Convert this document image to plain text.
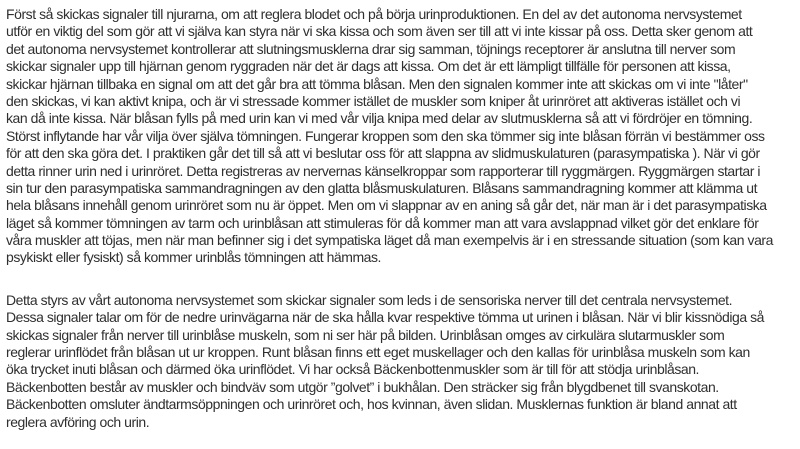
Först så skickas signaler till njurarna, om att reglera blodet och på börja urinproduktionen. En del av det autonoma nervsystemet
utför en viktig del som gör att vi själva kan styra när vi ska kissa och som även ser till att vi inte kissar på oss. Detta sker genom att
det autonoma nervsystemet kontrollerar att slutningsmusklerna drar sig samman, töjnings receptorer är anslutna till nerver som
skickar signaler upp till hjärnan genom ryggraden när det är dags att kissa. Om det är ett lämpligt tillfälle för personen att kissa,
skickar hjärnan tillbaka en signal om att det går bra att tömma blåsan. Men den signalen kommer inte att skickas om vi inte "låter"
den skickas, vi kan aktivt knipa, och är vi stressade kommer istället de muskler som kniper åt urinröret att aktiveras istället och vi
kan då inte kissa. När blåsan fylls på med urin kan vi med vår vilja knipa med delar av slutmusklerna så att vi fördröjer en tömning.
Störst inflytande har vår vilja över själva tömningen. Fungerar kroppen som den ska tömmer sig inte blåsan förrän vi bestämmer oss
för att den ska göra det. I praktiken går det till så att vi beslutar oss för att slappna av slidmuskulaturen (parasympatiska ). När vi gör
detta rinner urin ned i urinröret. Detta registreras av nervernas känselkroppar som rapporterar till ryggmärgen. Ryggmärgen startar i
sin tur den parasympatiska sammandragningen av den glatta blåsmuskulaturen. Blåsans sammandragning kommer att klämma ut
hela blåsans innehåll genom urinröret som nu är öppet. Men om vi slappnar av en aning så går det, när man är i det parasympatiska
läget så kommer tömningen av tarm och urinblåsan att stimuleras för då kommer man att vara avslappnad vilket gör det enklare för
våra muskler att töjas, men när man befinner sig i det sympatiska läget då man exempelvis är i en stressande situation (som kan vara
psykiskt eller fysiskt) så kommer urinblås tömningen att hämmas.
Detta styrs av vårt autonoma nervsystemet som skickar signaler som leds i de sensoriska nerver till det centrala nervsystemet.
Dessa signaler talar om för de nedre urinvägarna när de ska hålla kvar respektive tömma ut urinen i blåsan. När vi blir kissnödiga så
skickas signaler från nerver till urinblåse muskeln, som ni ser här på bilden. Urinblåsan omges av cirkulära slutarmuskler som
reglerar urinflödet från blåsan ut ur kroppen. Runt blåsan finns ett eget muskellager och den kallas för urinblåsa muskeln som kan
öka trycket inuti blåsan och därmed öka urinflödet. Vi har också Bäckenbottenmuskler som är till för att stödja urinblåsan.
Bäckenbotten består av muskler och bindväv som utgör ”golvet” i bukhålan. Den sträcker sig från blygdbenet till svanskotan.
Bäckenbotten omsluter ändtarmsöppningen och urinröret och, hos kvinnan, även slidan. Musklernas funktion är bland annat att
reglera avföring och urin.
